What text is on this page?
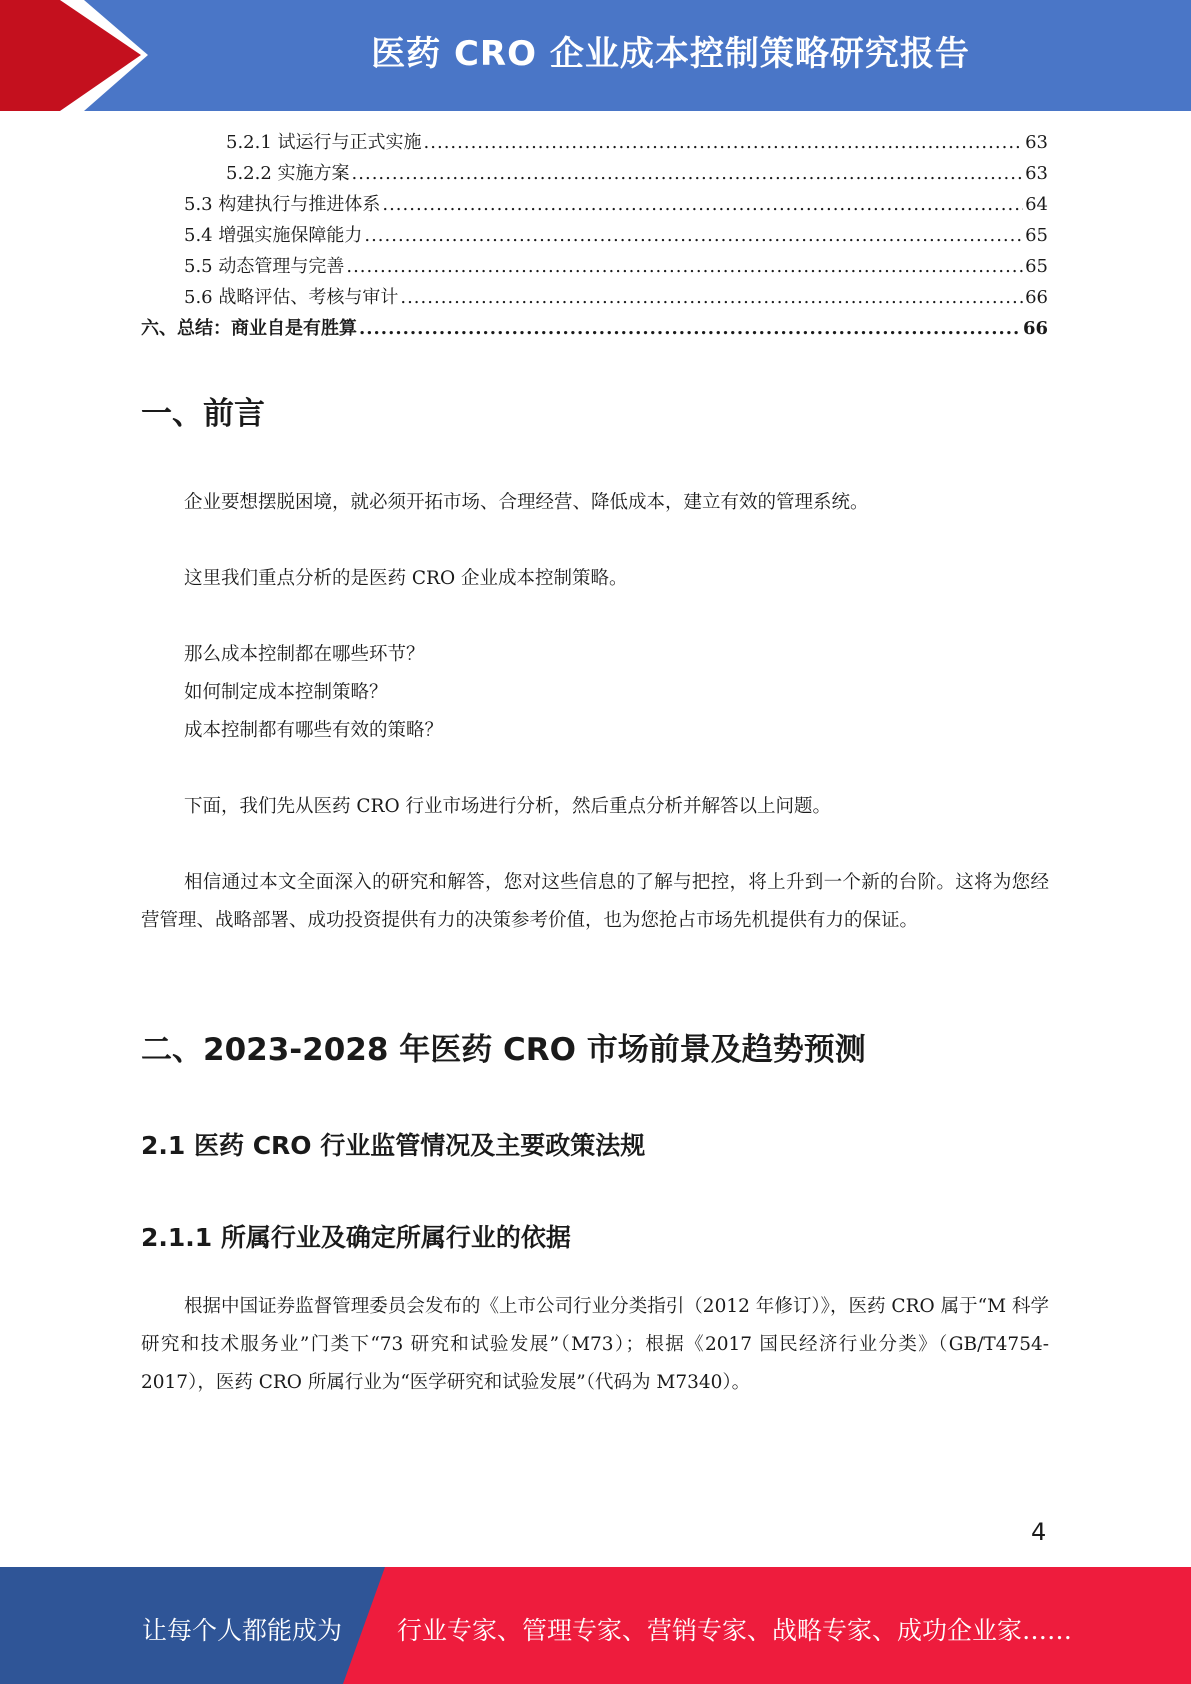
医药 CRO 企业成本控制策略研究报告
5.2.1 试运行与正式实施 .....	63
5.2.2 实施方案 .....	63
5.3 构建执行与推进体系 .....	64
5.4 增强实施保障能力 .....	65
5.5 动态管理与完善 .....	65
5.6 战略评估、考核与审计 .....	66
六、总结：商业自是有胜算 .....	66
一、前言

企业要想摆脱困境，就必须开拓市场、合理经营、降低成本，建立有效的管理系统。

这里我们重点分析的是医药 CRO 企业成本控制策略。

那么成本控制都在哪些环节？

如何制定成本控制策略？

成本控制都有哪些有效的策略？

下面，我们先从医药 CRO 行业市场进行分析，然后重点分析并解答以上问题。

相信通过本文全面深入的研究和解答，您对这些信息的了解与把控，将上升到一个新的台阶。这将为您经营管理、战略部署、成功投资提供有力的决策参考价值，也为您抢占市场先机提供有力的保证。

二、2023-2028 年医药 CRO 市场前景及趋势预测
2.1 医药 CRO 行业监管情况及主要政策法规
2.1.1 所属行业及确定所属行业的依据

根据中国证券监督管理委员会发布的《上市公司行业分类指引（2012 年修订）》，医药 CRO 属于“M 科学研究和技术服务业”门类下“73 研究和试验发展”（M73）；根据《2017 国民经济行业分类》（GB/T4754-2017），医药 CRO 所属行业为“医学研究和试验发展”（代码为 M7340）。

4
让每个人都能成为 行业专家、管理专家、营销专家、战略专家、成功企业家……
